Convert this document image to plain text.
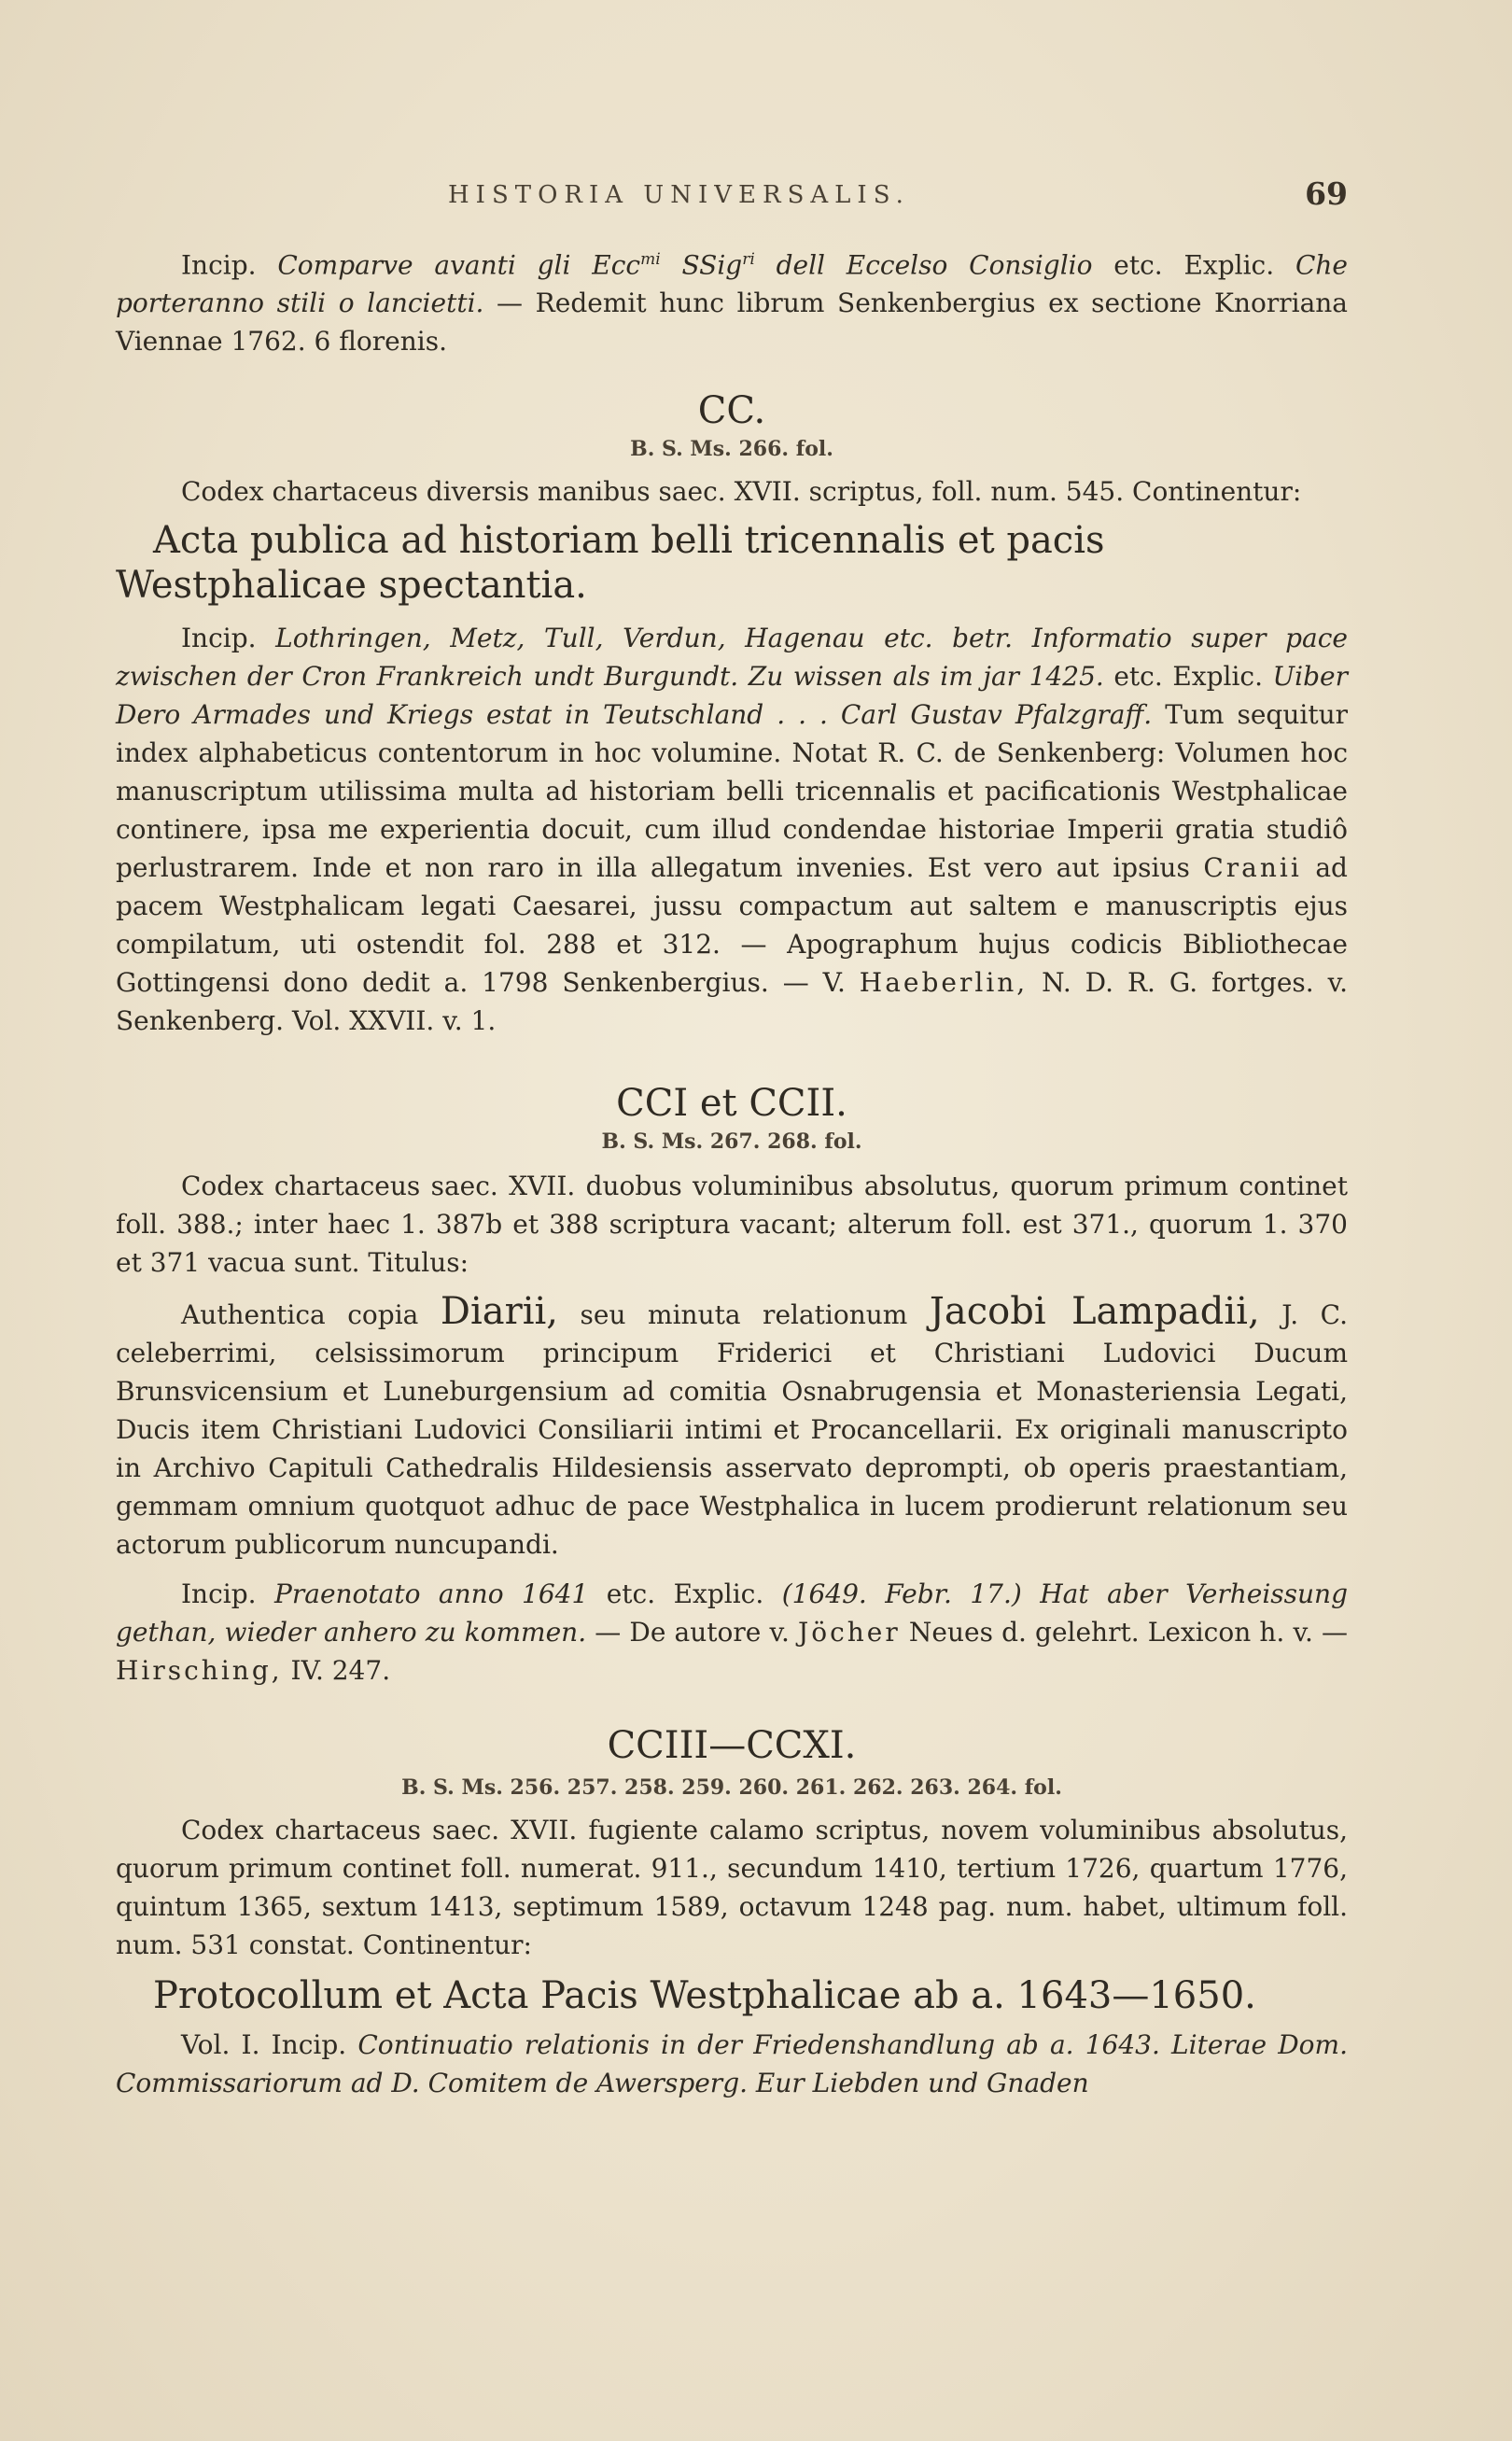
HISTORIA UNIVERSALIS.	69

Incip. Comparve avanti gli Ecc$^{mi}$ SSig$^{ri}$ dell Eccelso Consiglio etc. Explic. Che porteranno stili o lancietti. — Redemit hunc librum Senkenbergius ex sectione Knorriana Viennae 1762. 6 florenis.

CC.
B. S. Ms. 266. fol.

Codex chartaceus diversis manibus saec. XVII. scriptus, foll. num. 545. Continentur:

Acta publica ad historiam belli tricennalis et pacis Westphalicae spectantia.

Incip. Lothringen, Metz, Tull, Verdun, Hagenau etc. betr. Informatio super pace zwischen der Cron Frankreich undt Burgundt. Zu wissen als im jar 1425. etc. Explic. Uiber Dero Armades und Kriegs estat in Teutschland . . . Carl Gustav Pfalzgraff. Tum sequitur index alphabeticus contentorum in hoc volumine. Notat R. C. de Senkenberg: Volumen hoc manuscriptum utilissima multa ad historiam belli tricennalis et pacificationis Westphalicae continere, ipsa me experientia docuit, cum illud condendae historiae Imperii gratia studiô perlustrarem. Inde et non raro in illa allegatum invenies. Est vero aut ipsius Cranii ad pacem Westphalicam legati Caesarei, jussu compactum aut saltem e manuscriptis ejus compilatum, uti ostendit fol. 288 et 312. — Apographum hujus codicis Bibliothecae Gottingensi dono dedit a. 1798 Senkenbergius. — V. Haeberlin, N. D. R. G. fortges. v. Senkenberg. Vol. XXVII. v. 1.

CCI et CCII.
B. S. Ms. 267. 268. fol.

Codex chartaceus saec. XVII. duobus voluminibus absolutus, quorum primum continet foll. 388.; inter haec 1. 387b et 388 scriptura vacant; alterum foll. est 371., quorum 1. 370 et 371 vacua sunt. Titulus:

Authentica copia Diarii, seu minuta relationum Jacobi Lampadii, J. C. celeberrimi, celsissimorum principum Friderici et Christiani Ludovici Ducum Brunsvicensium et Luneburgensium ad comitia Osnabrugensia et Monasteriensia Legati, Ducis item Christiani Ludovici Consiliarii intimi et Procancellarii. Ex originali manuscripto in Archivo Capituli Cathedralis Hildesiensis asservato deprompti, ob operis praestantiam, gemmam omnium quotquot adhuc de pace Westphalica in lucem prodierunt relationum seu actorum publicorum nuncupandi.

Incip. Praenotato anno 1641 etc. Explic. (1649. Febr. 17.) Hat aber Verheissung gethan, wieder anhero zu kommen. — De autore v. Jöcher Neues d. gelehrt. Lexicon h. v. — Hirsching, IV. 247.

CCIII—CCXI.
B. S. Ms. 256. 257. 258. 259. 260. 261. 262. 263. 264. fol.

Codex chartaceus saec. XVII. fugiente calamo scriptus, novem voluminibus absolutus, quorum primum continet foll. numerat. 911., secundum 1410, tertium 1726, quartum 1776, quintum 1365, sextum 1413, septimum 1589, octavum 1248 pag. num. habet, ultimum foll. num. 531 constat. Continentur:

Protocollum et Acta Pacis Westphalicae ab a. 1643—1650.

Vol. I. Incip. Continuatio relationis in der Friedenshandlung ab a. 1643. Literae Dom. Commissariorum ad D. Comitem de Awersperg. Eur Liebden und Gnaden
